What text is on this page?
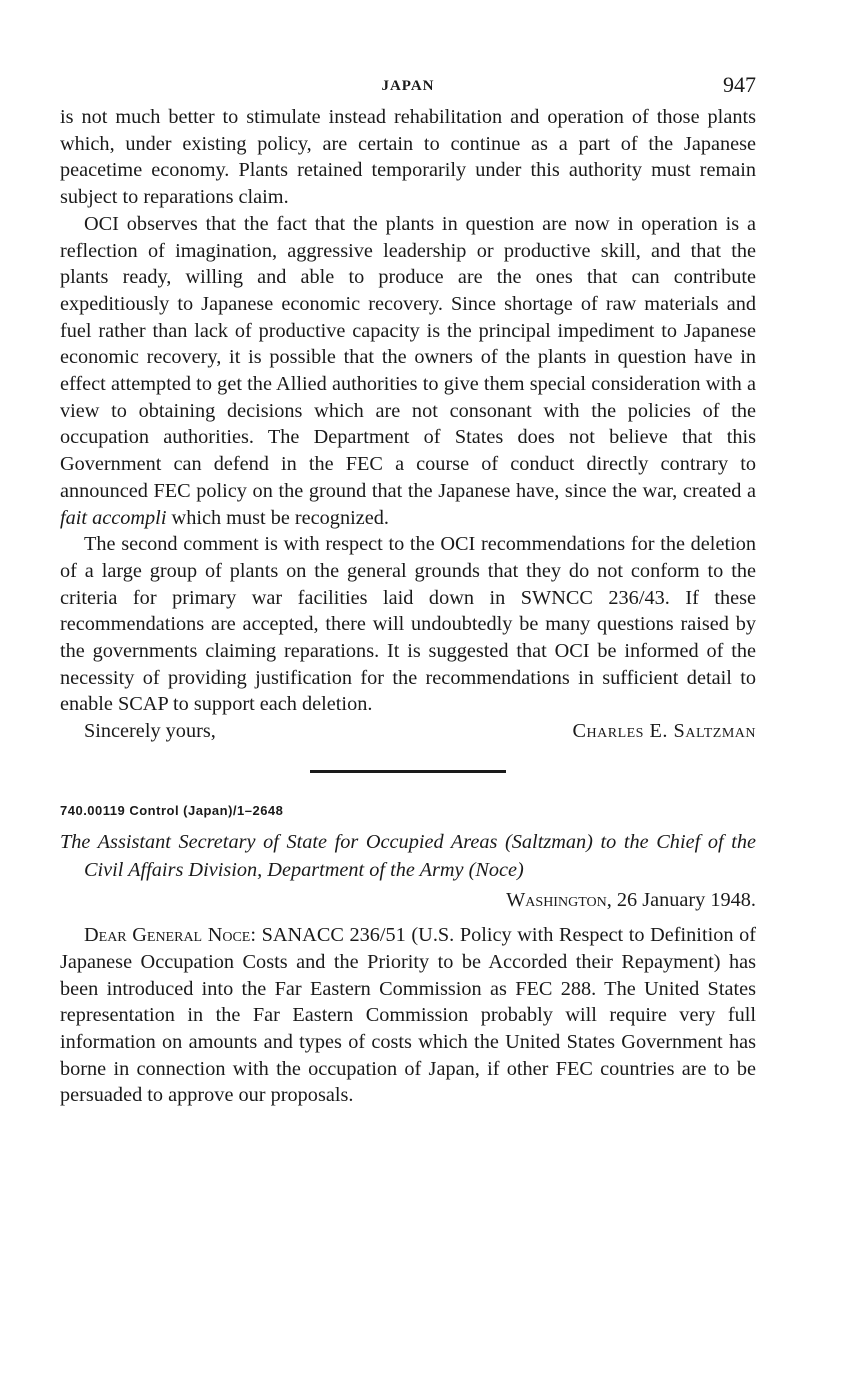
JAPAN	947

is not much better to stimulate instead rehabilitation and operation of those plants which, under existing policy, are certain to continue as a part of the Japanese peacetime economy. Plants retained temporarily under this authority must remain subject to reparations claim.

OCI observes that the fact that the plants in question are now in operation is a reflection of imagination, aggressive leadership or productive skill, and that the plants ready, willing and able to produce are the ones that can contribute expeditiously to Japanese economic recovery. Since shortage of raw materials and fuel rather than lack of productive capacity is the principal impediment to Japanese economic recovery, it is possible that the owners of the plants in question have in effect attempted to get the Allied authorities to give them special consideration with a view to obtaining decisions which are not consonant with the policies of the occupation authorities. The Department of States does not believe that this Government can defend in the FEC a course of conduct directly contrary to announced FEC policy on the ground that the Japanese have, since the war, created a fait accompli which must be recognized.

The second comment is with respect to the OCI recommendations for the deletion of a large group of plants on the general grounds that they do not conform to the criteria for primary war facilities laid down in SWNCC 236/43. If these recommendations are accepted, there will undoubtedly be many questions raised by the governments claiming reparations. It is suggested that OCI be informed of the necessity of providing justification for the recommendations in sufficient detail to enable SCAP to support each deletion.

Sincerely yours,	Charles E. Saltzman
740.00119 Control (Japan)/1–2648
The Assistant Secretary of State for Occupied Areas (Saltzman) to the Chief of the Civil Affairs Division, Department of the Army (Noce)
Washington, 26 January 1948.

Dear General Noce: SANACC 236/51 (U.S. Policy with Respect to Definition of Japanese Occupation Costs and the Priority to be Accorded their Repayment) has been introduced into the Far Eastern Commission as FEC 288. The United States representation in the Far Eastern Commission probably will require very full information on amounts and types of costs which the United States Government has borne in connection with the occupation of Japan, if other FEC countries are to be persuaded to approve our proposals.
